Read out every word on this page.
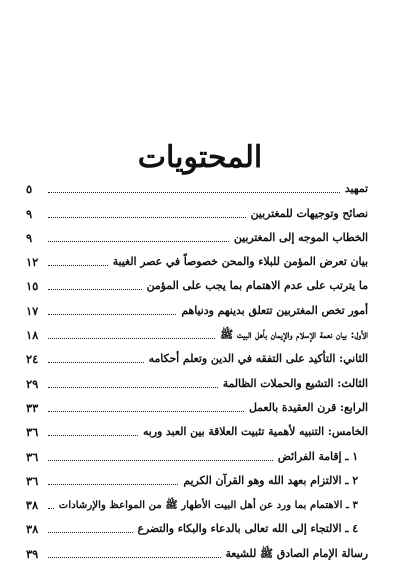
المحتويات
تمهيد
٥
نصائح وتوجيهات للمغتربين
٩
الخطاب الموجه إلى المغتربين
٩
بيان تعرض المؤمن للبلاء والمحن خصوصاً في عصر الغيبة
١٢
ما يترتب على عدم الاهتمام بما يجب على المؤمن
١٥
أمور تخص المغتربين تتعلق بدينهم ودنياهم
١٧
الأول: بيان نعمة الإسلام والإيمان بأهل البيت ﷺ
١٨
الثاني: التأكيد على التفقه في الدين وتعلم أحكامه
٢٤
الثالث: التشيع والحملات الظالمة
٢٩
الرابع: قرن العقيدة بالعمل
٣٣
الخامس: التنبيه لأهمية تثبيت العلاقة بين العبد وربه
٣٦
١ ـ إقامة الفرائض
٣٦
٢ ـ الالتزام بعهد الله وهو القرآن الكريم
٣٦
٣ ـ الاهتمام بما ورد عن أهل البيت الأطهار ﷺ من المواعظ والإرشادات
٣٨
٤ ـ الالتجاء إلى الله تعالى بالدعاء والبكاء والتضرع
٣٨
رسالة الإمام الصادق ﷺ للشيعة
٣٩
